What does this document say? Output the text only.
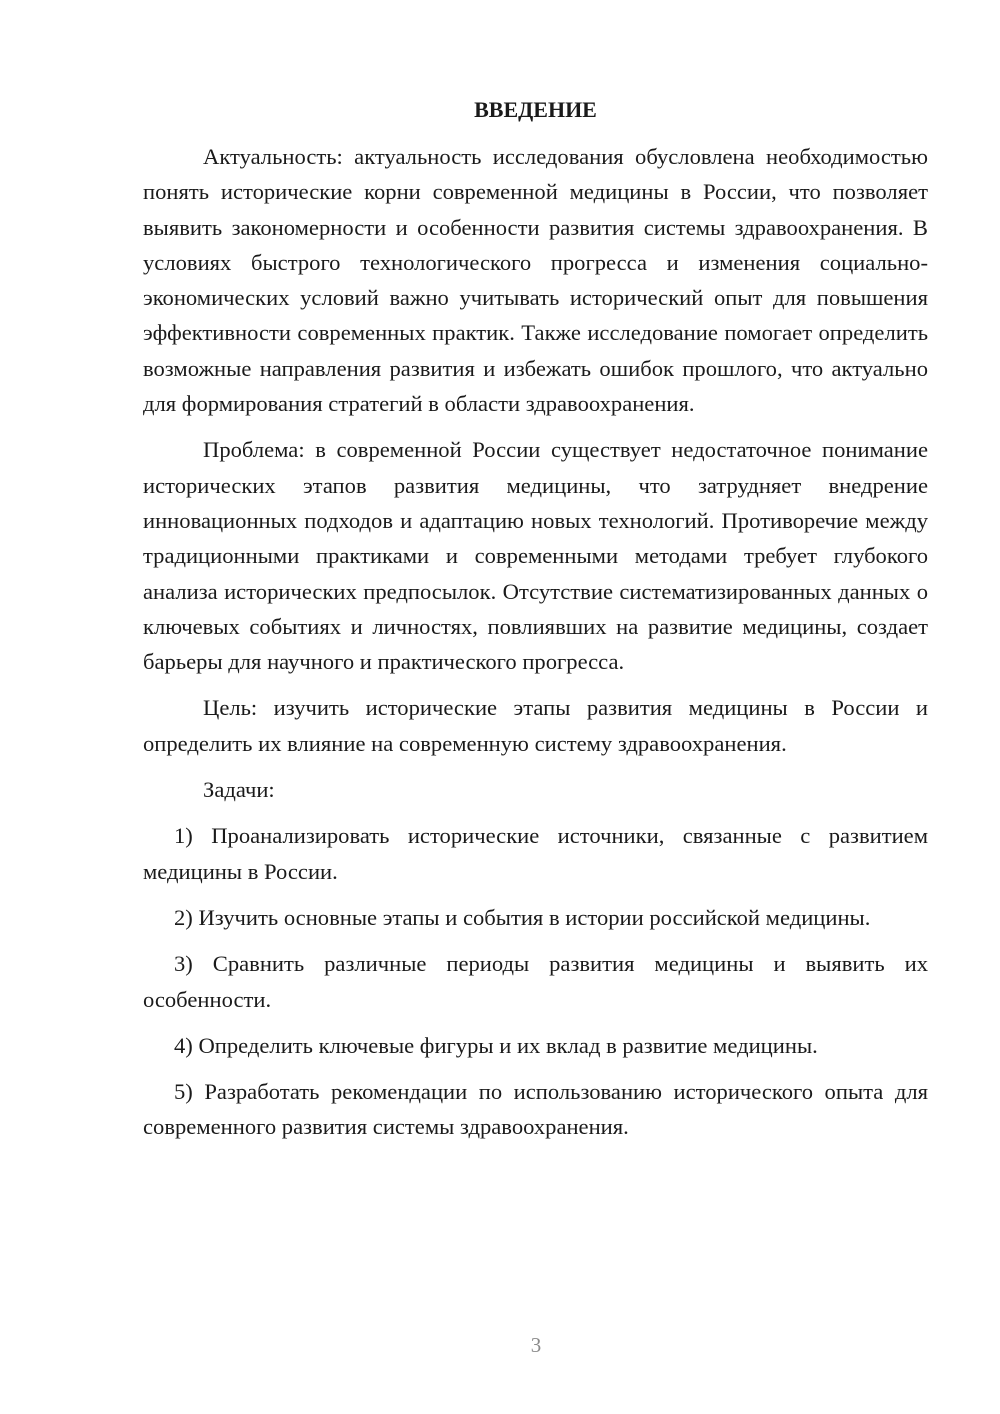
ВВЕДЕНИЕ

Актуальность: актуальность исследования обусловлена необходимостью понять исторические корни современной медицины в России, что позволяет выявить закономерности и особенности развития системы здравоохранения. В условиях быстрого технологического прогресса и изменения социально-экономических условий важно учитывать исторический опыт для повышения эффективности современных практик. Также исследование помогает определить возможные направления развития и избежать ошибок прошлого, что актуально для формирования стратегий в области здравоохранения.

Проблема: в современной России существует недостаточное понимание исторических этапов развития медицины, что затрудняет внедрение инновационных подходов и адаптацию новых технологий. Противоречие между традиционными практиками и современными методами требует глубокого анализа исторических предпосылок. Отсутствие систематизированных данных о ключевых событиях и личностях, повлиявших на развитие медицины, создает барьеры для научного и практического прогресса.

Цель: изучить исторические этапы развития медицины в России и определить их влияние на современную систему здравоохранения.

Задачи:

1) Проанализировать исторические источники, связанные с развитием медицины в России.

2) Изучить основные этапы и события в истории российской медицины.

3) Сравнить различные периоды развития медицины и выявить их особенности.

4) Определить ключевые фигуры и их вклад в развитие медицины.

5) Разработать рекомендации по использованию исторического опыта для современного развития системы здравоохранения.

3
